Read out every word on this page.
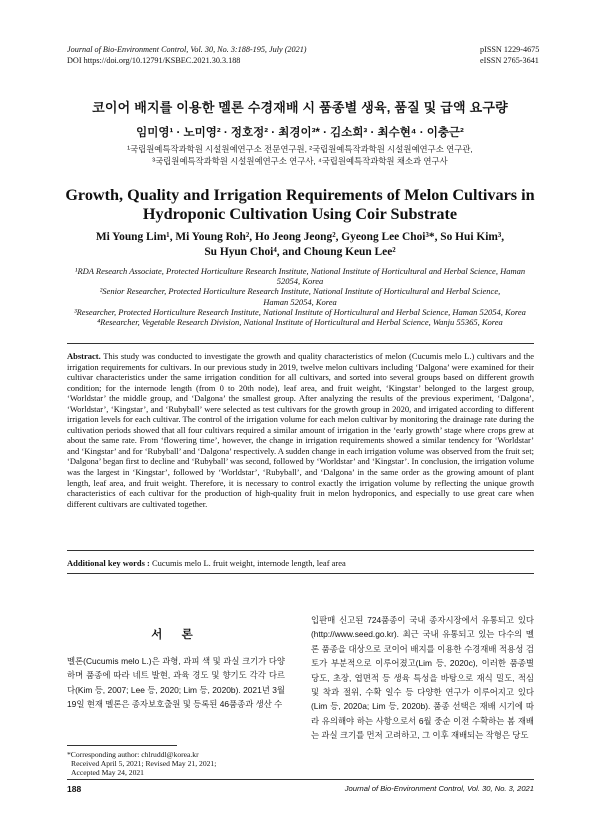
Journal of Bio-Environment Control, Vol. 30, No. 3:188-195, July (2021)
DOI https://doi.org/10.12791/KSBEC.2021.30.3.188
pISSN 1229-4675
eISSN 2765-3641
코이어 배지를 이용한 멜론 수경재배 시 품종별 생육, 품질 및 급액 요구량
임미영¹ · 노미영² · 정호정² · 최경이³* · 김소희³ · 최수현⁴ · 이충근²
¹국립원예특작과학원 시설원예연구소 전문연구원, ²국립원예특작과학원 시설원예연구소 연구관,
³국립원예특작과학원 시설원예연구소 연구사, ⁴국립원예특작과학원 채소과 연구사
Growth, Quality and Irrigation Requirements of Melon Cultivars in
Hydroponic Cultivation Using Coir Substrate
Mi Young Lim¹, Mi Young Roh², Ho Jeong Jeong², Gyeong Lee Choi³*, So Hui Kim³,
Su Hyun Choi⁴, and Choung Keun Lee²
¹RDA Research Associate, Protected Horticulture Research Institute, National Institute of Horticultural and Herbal Science, Haman
52054, Korea
²Senior Researcher, Protected Horticulture Research Institute, National Institute of Horticultural and Herbal Science,
Haman 52054, Korea
³Researcher, Protected Horticulture Research Institute, National Institute of Horticultural and Herbal Science, Haman 52054, Korea
⁴Researcher, Vegetable Research Division, National Institute of Horticultural and Herbal Science, Wanju 55365, Korea
Abstract. This study was conducted to investigate the growth and quality characteristics of melon (Cucumis melo L.) cultivars and the irrigation requirements for cultivars. In our previous study in 2019, twelve melon cultivars including ‘Dalgona’ were examined for their cultivar characteristics under the same irrigation condition for all cultivars, and sorted into several groups based on different growth condition; for the internode length (from 0 to 20th node), leaf area, and fruit weight, ‘Kingstar’ belonged to the largest group, ‘Worldstar’ the middle group, and ‘Dalgona’ the smallest group. After analyzing the results of the previous experiment, ‘Dalgona’, ‘Worldstar’, ‘Kingstar’, and ‘Rubyball’ were selected as test cultivars for the growth group in 2020, and irrigated according to different irrigation levels for each cultivar. The control of the irrigation volume for each melon cultivar by monitoring the drainage rate during the cultivation periods showed that all four cultivars required a similar amount of irrigation in the ‘early growth’ stage where crops grew at about the same rate. From ‘flowering time’, however, the change in irrigation requirements showed a similar tendency for ‘Worldstar’ and ‘Kingstar’ and for ‘Rubyball’ and ‘Dalgona’ respectively. A sudden change in each irrigation volume was observed from the fruit set; ‘Dalgona’ began first to decline and ‘Rubyball’ was second, followed by ‘Worldstar’ and ‘Kingstar’. In conclusion, the irrigation volume was the largest in ‘Kingstar’, followed by ‘Worldstar’, ‘Rubyball’, and ‘Dalgona’ in the same order as the growing amount of plant length, leaf area, and fruit weight. Therefore, it is necessary to control exactly the irrigation volume by reflecting the unique growth characteristics of each cultivar for the production of high-quality fruit in melon hydroponics, and especially to use great care when different cultivars are cultivated together.
Additional key words : Cucumis melo L. fruit weight, internode length, leaf area
서 론
멜론(Cucumis melo L.)은 과형, 과피 색 및 과실 크기가 다양하며 품종에 따라 네트 발현, 과육 경도 및 향기도 각각 다르다(Kim 등, 2007; Lee 등, 2020; Lim 등, 2020b). 2021년 3월 19일 현재 멜론은 종자보호출원 및 등록된 46품종과 생산 수
입판매 신고된 724품종이 국내 종자시장에서 유통되고 있다(http://www.seed.go.kr). 최근 국내 유통되고 있는 다수의 멜론 품종을 대상으로 코이어 배지를 이용한 수경재배 적용성 검토가 부분적으로 이루어졌고(Lim 등, 2020c), 이러한 품종별 당도, 초장, 엽면적 등 생육 특성을 바탕으로 재식 밀도, 적심 및 착과 절위, 수확 일수 등 다양한 연구가 이루어지고 있다(Lim 등, 2020a; Lim 등, 2020b). 품종 선택은 재배 시기에 따라 유의해야 하는 사항으로서 6월 중순 이전 수확하는 봄 재배는 과실 크기를 먼저 고려하고, 그 이후 재배되는 작형은 당도
*Corresponding author: chlruddl@korea.kr
Received April 5, 2021; Revised May 21, 2021;
Accepted May 24, 2021
188	Journal of Bio-Environment Control, Vol. 30, No. 3, 2021
